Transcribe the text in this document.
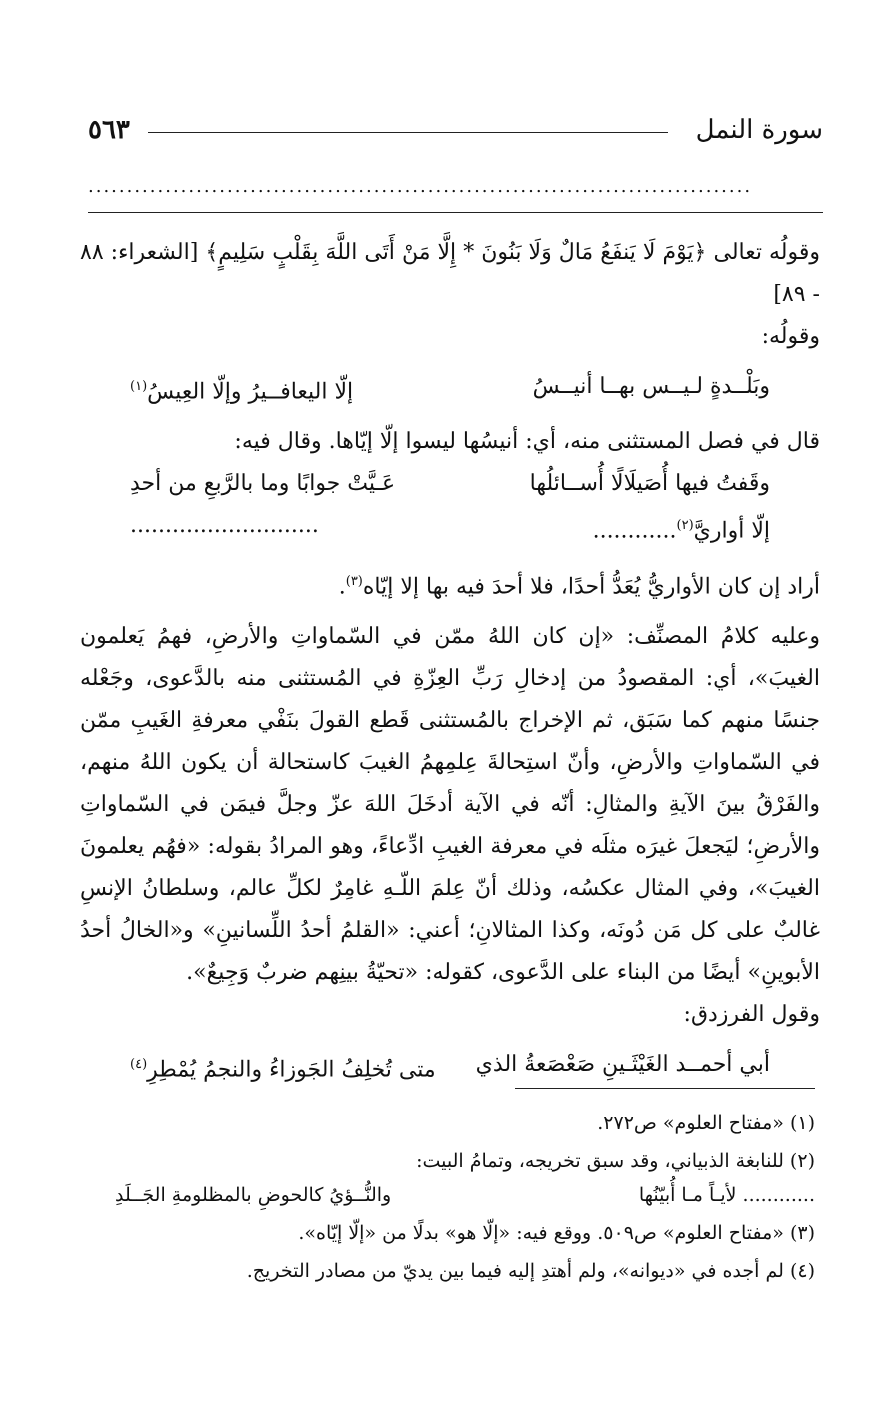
سورة النمل
٥٦٣
......................................................................................

وقولُه تعالى ﴿يَوْمَ لَا يَنفَعُ مَالٌ وَلَا بَنُونَ * إِلَّا مَنْ أَتَى اللَّهَ بِقَلْبٍ سَلِيمٍ﴾ [الشعراء: ٨٨ - ٨٩]

وقولُه:

وبَلْــدةٍ لـيــس بهــا أنيــسُ
إلّا اليعافــيرُ وإلّا العِيسُ$^{(١)}$

قال في فصل المستثنى منه، أي: أنيسُها ليسوا إلّا إيّاها. وقال فيه:

وقَفتُ فيها أُصَيلَالًا أُســائلُها
عَـيَّتْ جوابًا وما بالرَّبعِ من أحدِ
إلّا أواريَّ$^{(٢)}$............
...........................

أراد إن كان الأواريُّ يُعَدُّ أحدًا، فلا أحدَ فيه بها إلا إيّاه$^{(٣)}$.

وعليه كلامُ المصنِّف: «إن كان اللهُ ممّن في السّماواتِ والأرضِ، فهمُ يَعلمون الغيبَ»، أي: المقصودُ من إدخالِ رَبِّ العِزّةِ في المُستثنى منه بالدَّعوى، وجَعْله جنسًا منهم كما سَبَق، ثم الإخراج بالمُستثنى قَطع القولَ بنَفْي معرفةِ الغَيبِ ممّن في السّماواتِ والأرضِ، وأنّ استِحالةَ عِلمِهمُ الغيبَ كاستحالة أن يكون اللهُ منهم، والفَرْقُ بينَ الآيةِ والمثالِ: أنّه في الآية أدخَلَ اللهَ عزّ وجلَّ فيمَن في السّماواتِ والأرضِ؛ ليَجعلَ غيرَه مثلَه في معرفة الغيبِ ادِّعاءً، وهو المرادُ بقوله: «فهُم يعلمونَ الغيبَ»، وفي المثال عكسُه، وذلك أنّ عِلمَ اللّـهِ غامِرٌ لكلِّ عالم، وسلطانُ الإنسِ غالبٌ على كل مَن دُونَه، وكذا المثالانِ؛ أعني: «القلمُ أحدُ اللِّسانينِ» و«الخالُ أحدُ الأبوينِ» أيضًا من البناء على الدَّعوى، كقوله: «تحيّةُ بينِهم ضربٌ وَجِيعٌ».

وقول الفرزدق:

أبي أحمــد الغَيْثَـينِ صَعْصَعةُ الذي
متى تُخلِفُ الجَوزاءُ والنجمُ يُمْطِرِ$^{(٤)}$

(١) «مفتاح العلوم» ص٢٧٢.

(٢) للنابغة الذبياني، وقد سبق تخريجه، وتمامُ البيت:

............ لأيـاً مـا أُبيّنُها
والنُّــؤيُ كالحوضِ بالمظلومةِ الجَــلَدِ

(٣) «مفتاح العلوم» ص٥٠٩. ووقع فيه: «إلّا هو» بدلًا من «إلّا إيّاه».

(٤) لم أجده في «ديوانه»، ولم أهتدِ إليه فيما بين يديّ من مصادر التخريج.
